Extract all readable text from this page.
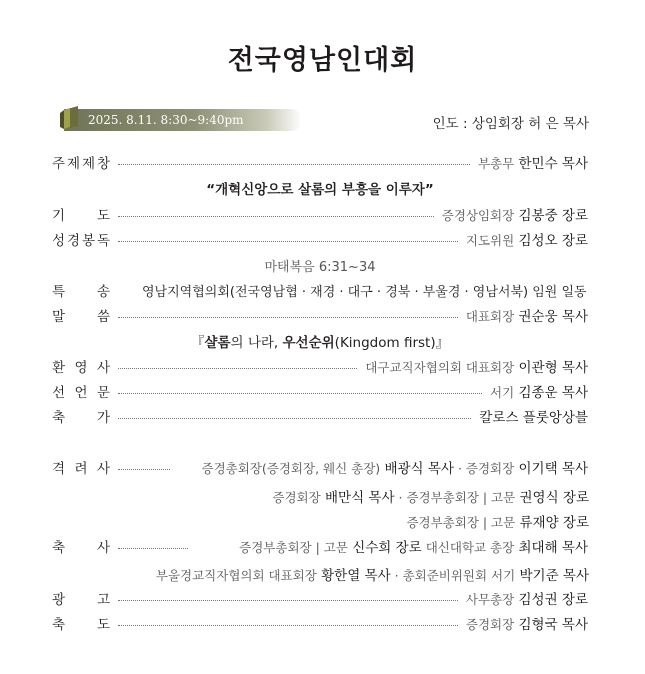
전국영남인대회
2025. 8.11. 8:30~9:40pm	인도 : 상임회장 허 은 목사
주 제 제 창	부총무 한민수 목사
“개혁신앙으로 살롬의 부흥을 이루자”
기 도	증경상임회장 김봉중 장로
성 경 봉 독	지도위원 김성오 장로
마태복음 6:31~34
특 송 영남지역협의회(전국영남협 · 재경 · 대구 · 경북 · 부울경 · 영남서북) 임원 일동
말 씀	대표회장 권순웅 목사
『샬롬의 나라, 우선순위(Kingdom first)』
환 영 사	대구교직자협의회 대표회장 이관형 목사
선 언 문	서기 김종운 목사
축 가	칼로스 플룻앙상블
격 려 사	증경총회장(증경회장, 웨신 총장) 배광식 목사 · 증경회장 이기택 목사
증경회장 배만식 목사 · 증경부총회장 | 고문 권영식 장로
증경부총회장 | 고문 류재양 장로
축 사	증경부총회장 | 고문 신수희 장로 대신대학교 총장 최대해 목사
부울경교직자협의회 대표회장 황한열 목사 · 총회준비위원회 서기 박기준 목사
광 고	사무총장 김성권 장로
축 도	증경회장 김형국 목사
